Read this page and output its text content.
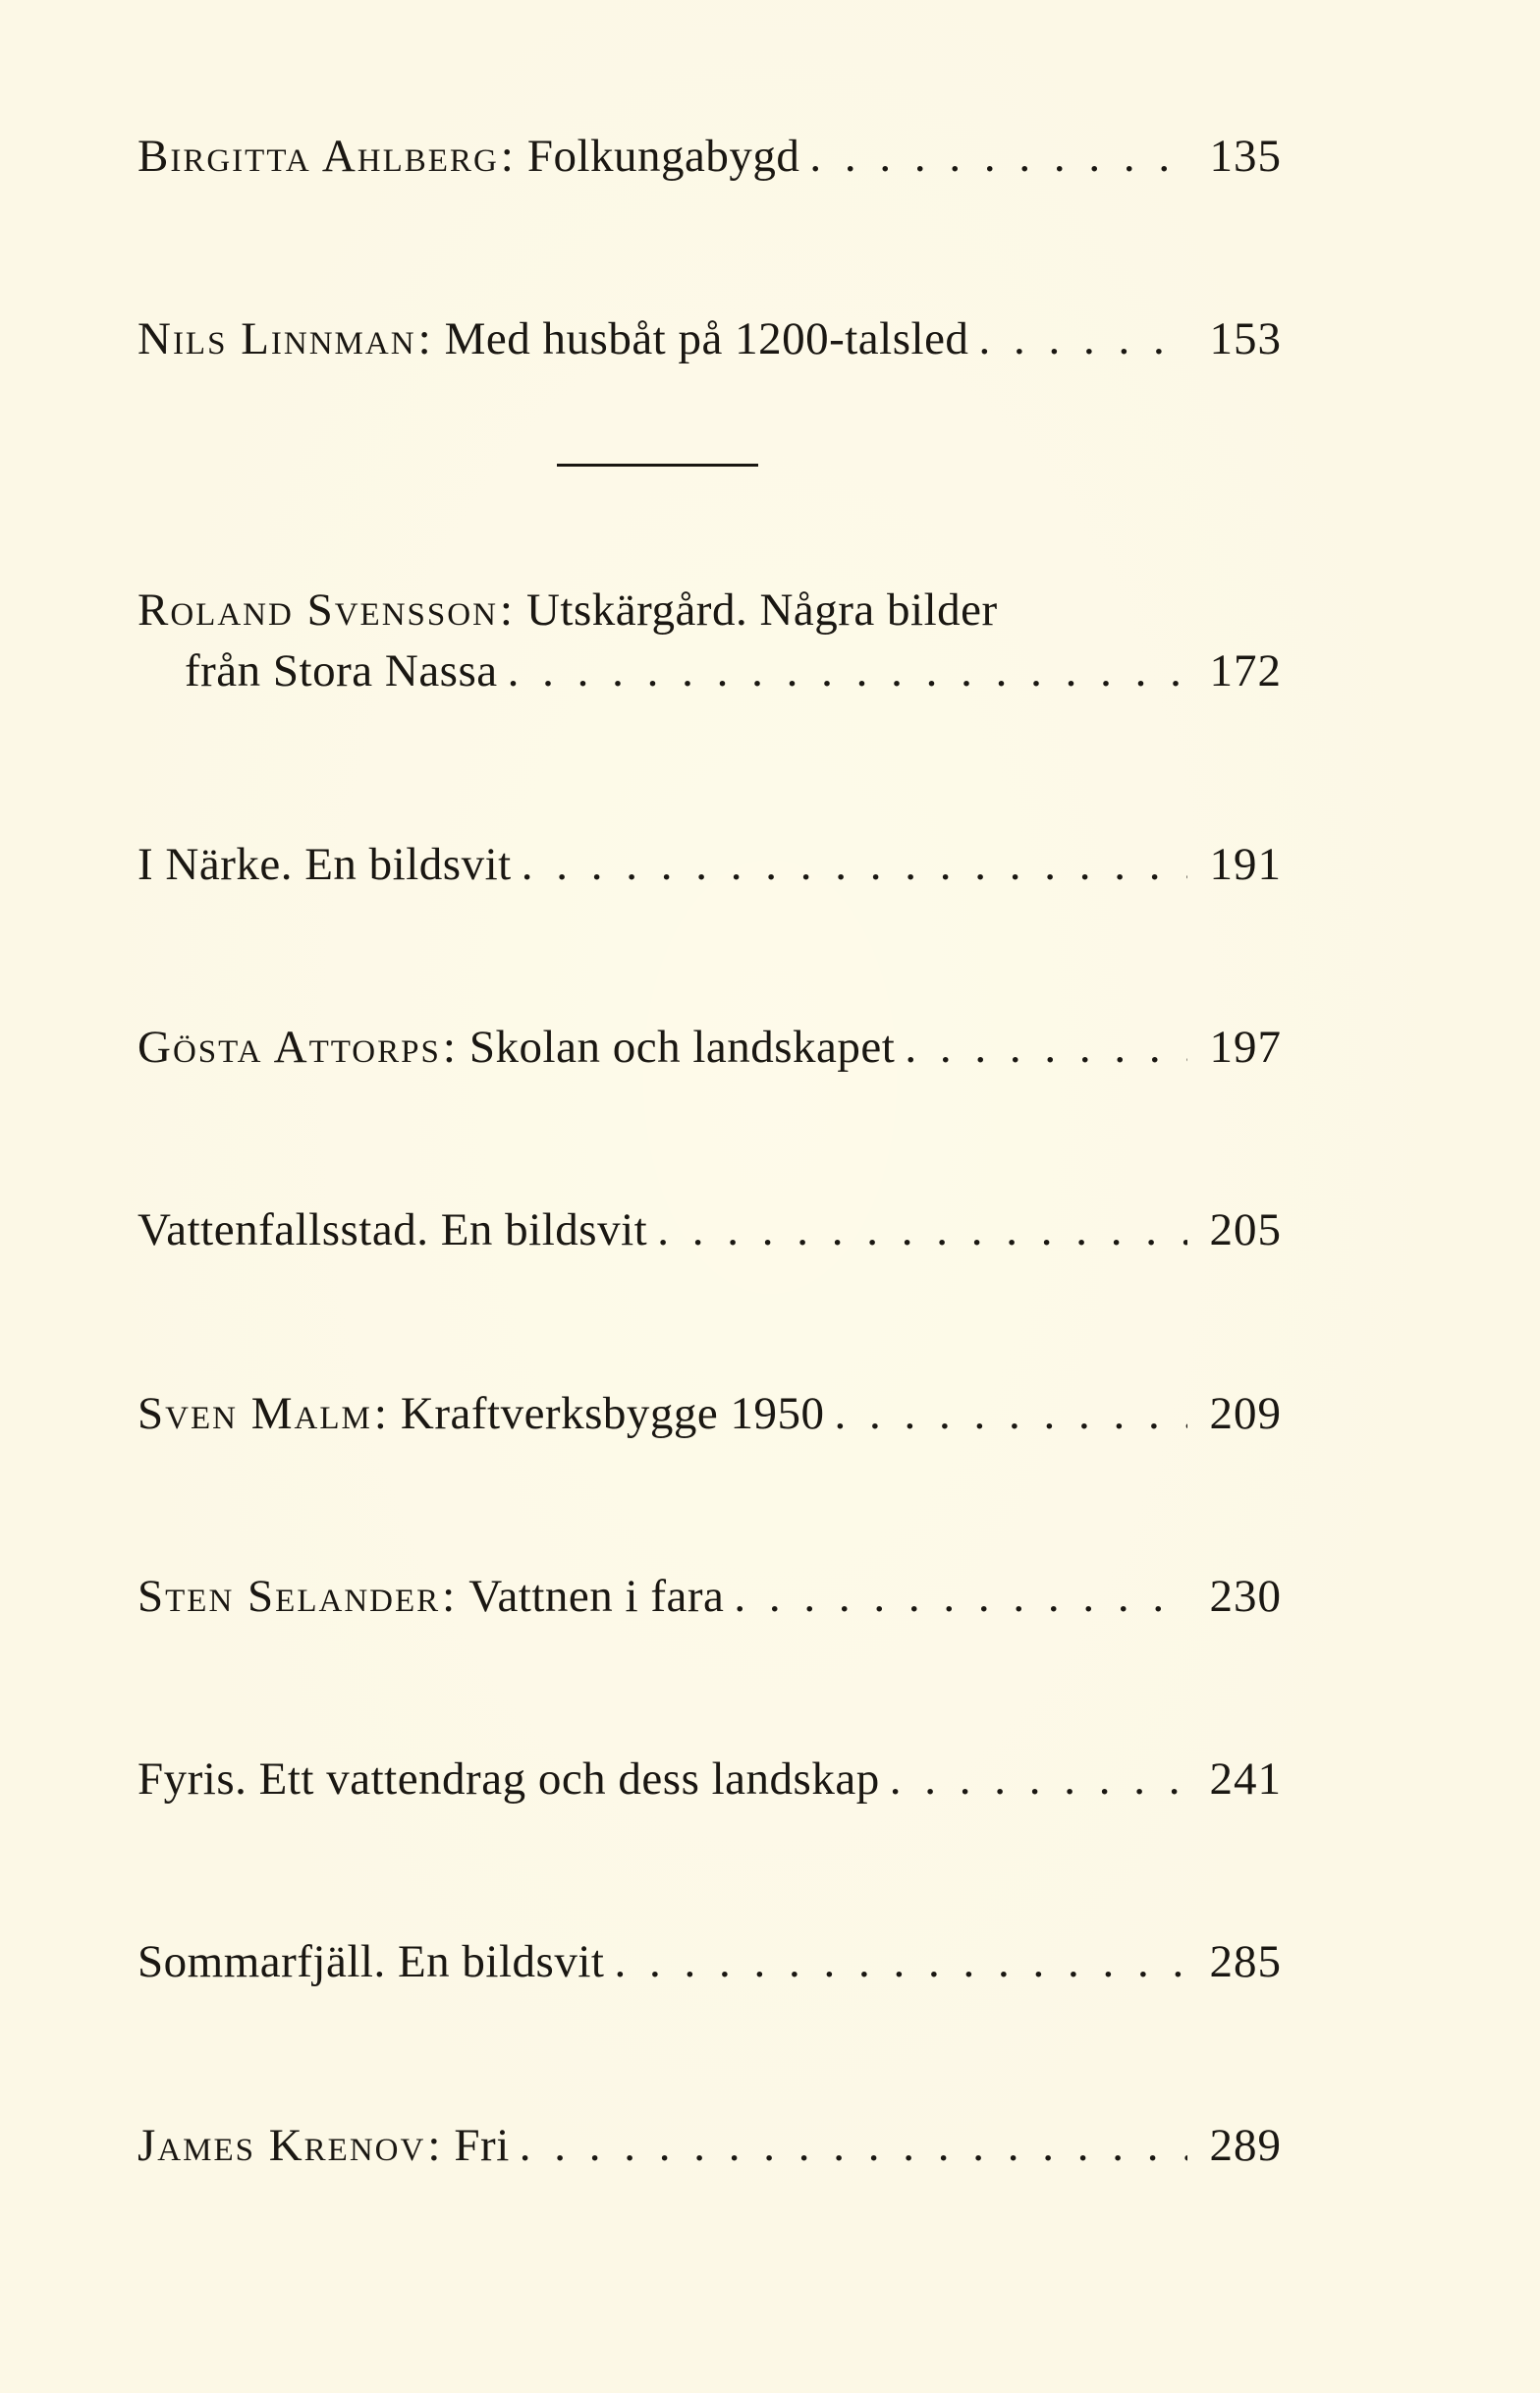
Birgitta Ahlberg : Folkungabygd . . .	135
Nils Linnman : Med husbåt på 1200-talsled . . .	153
Roland Svensson : Utskärgård. Några bilder
från Stora Nassa . . .	172
I Närke. En bildsvit . . .	191
Gösta Attorps : Skolan och landskapet . . .	197
Vattenfallsstad. En bildsvit . . .	205
Sven Malm : Kraftverksbygge 1950 . . .	209
Sten Selander : Vattnen i fara . . .	230
Fyris. Ett vattendrag och dess landskap . . .	241
Sommarfjäll. En bildsvit . . .	285
James Krenov : Fri . . .	289
